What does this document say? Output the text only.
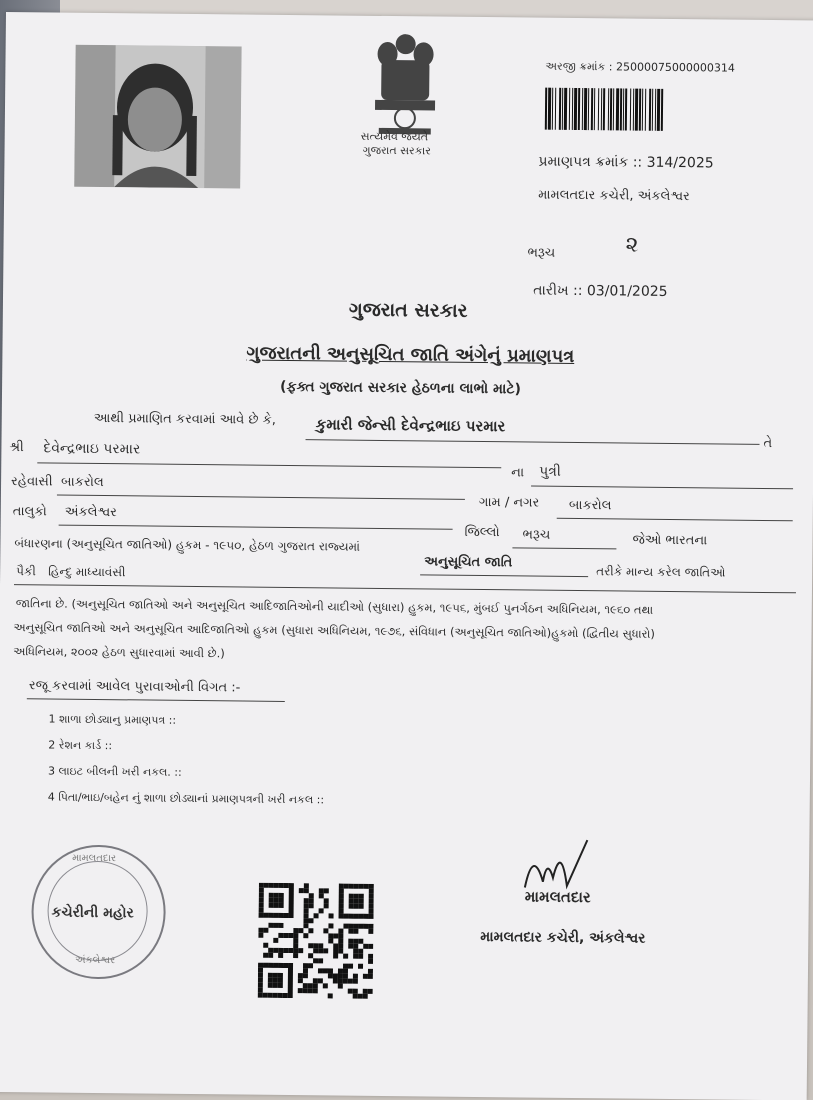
સત્યમેવ જયતે
ગુજરાત સરકાર
અરજી ક્રમાંક : 25000075000000314
પ્રમાણપત્ર ક્રમાંક :: 314/2025
મામલતદાર કચેરી, અંકલેશ્વર
ભરૂચ	૨
તારીખ :: 03/01/2025
ગુજરાત સરકાર
ગુજરાતની અનુસૂચિત જાતિ અંગેનું પ્રમાણપત્ર
(ફક્ત ગુજરાત સરકાર હેઠળના લાભો માટે)
આથી પ્રમાણિત કરવામાં આવે છે કે,	કુમારી જેન્સી દેવેન્દ્રભાઇ પરમાર
તે
શ્રી દેવેન્દ્રભાઇ પરમાર
ના પુત્રી
રહેવાસી બાકરોલ
ગામ / નગર બાકરોલ
તાલુકો અંકલેશ્વર
જિલ્લો ભરૂચ	જેઓ ભારતના
બંધારણના (અનુસૂચિત જાતિઓ) હુકમ - ૧૯૫૦, હેઠળ ગુજરાત રાજ્યમાં
અનુસૂચિત જાતિ
તરીકે માન્ય કરેલ જાતિઓ
પૈકી હિન્દુ માધ્યાવંસી
જાતિના છે. (અનુસૂચિત જાતિઓ અને અનુસૂચિત આદિજાતિઓની યાદીઓ (સુધારા) હુકમ, ૧૯૫૬, મુંબઈ પુનર્ગઠન અધિનિયમ, ૧૯૬૦ તથા
અનુસૂચિત જાતિઓ અને અનુસૂચિત આદિજાતિઓ હુકમ (સુધારા અધિનિયમ, ૧૯૭૬, સંવિધાન (અનુસૂચિત જાતિઓ)હુકમો (દ્વિતીય સુધારો)
અધિનિયમ, ૨૦૦૨ હેઠળ સુધારવામાં આવી છે.)
રજૂ કરવામાં આવેલ પુરાવાઓની વિગત :-
1 શાળા છોડ્યાનુ પ્રમાણપત્ર ::
2 રેશન કાર્ડ ::
3 લાઇટ બીલની ખરી નકલ. ::
4 પિતા/ભાઇ/બહેન નું શાળા છોડ્યાનાં પ્રમાણપત્રની ખરી નકલ ::
મામલતદાર
કચેરીની મહોર
અંકલેશ્વર
મામલતદાર
મામલતદાર કચેરી, અંકલેશ્વર
